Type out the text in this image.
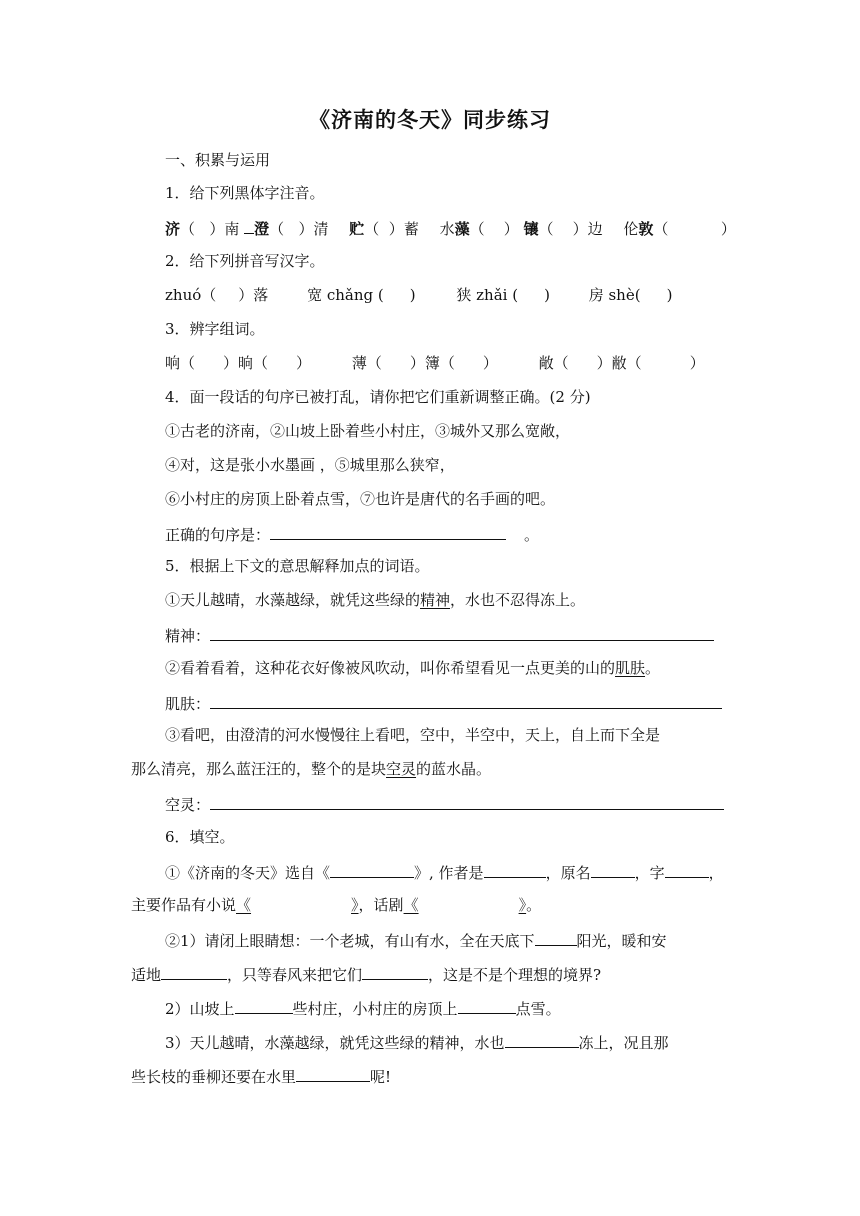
《济南的冬天》同步练习
一、积累与运用
1．给下列黑体字注音。
济（   ）南 澄（   ）清 贮（  ）蓄 水藻（    ） 镶（    ）边 伦敦（           ）
2．给下列拼音写汉字。
zhuó（ ）落	宽 chǎng ( )	狭 zhǎi ( )	房 shè( )
3．辨字组词。
响（ ）晌（ ）	薄（ ）簿（ ）	敞（ ）敝（	）
4．面一段话的句序已被打乱，请你把它们重新调整正确。(2 分)
①古老的济南，②山坡上卧着些小村庄，③城外又那么宽敞，
④对，这是张小水墨画 ，⑤城里那么狭窄，
⑥小村庄的房顶上卧着点雪，⑦也许是唐代的名手画的吧。
正确的句序是：	。
5．根据上下文的意思解释加点的词语。
①天儿越晴，水藻越绿，就凭这些绿的精神，水也不忍得冻上。
精神：
②看着看着，这种花衣好像被风吹动，叫你希望看见一点更美的山的肌肤。
肌肤：
③看吧，由澄清的河水慢慢往上看吧，空中，半空中，天上，自上而下全是
那么清亮，那么蓝汪汪的，整个的是块空灵的蓝水晶。
空灵：
6．填空。
①《济南的冬天》选自《	》, 作者是	，原名	，字	，
主要作品有小说《	》，话剧《	》。
②1）请闭上眼睛想：一个老城，有山有水，全在天底下	阳光，暖和安
适地	，只等春风来把它们	，这是不是个理想的境界?
2）山坡上	些村庄，小村庄的房顶上	点雪。
3）天儿越晴，水藻越绿，就凭这些绿的精神，水也	冻上，况且那
些长枝的垂柳还要在水里	呢!
